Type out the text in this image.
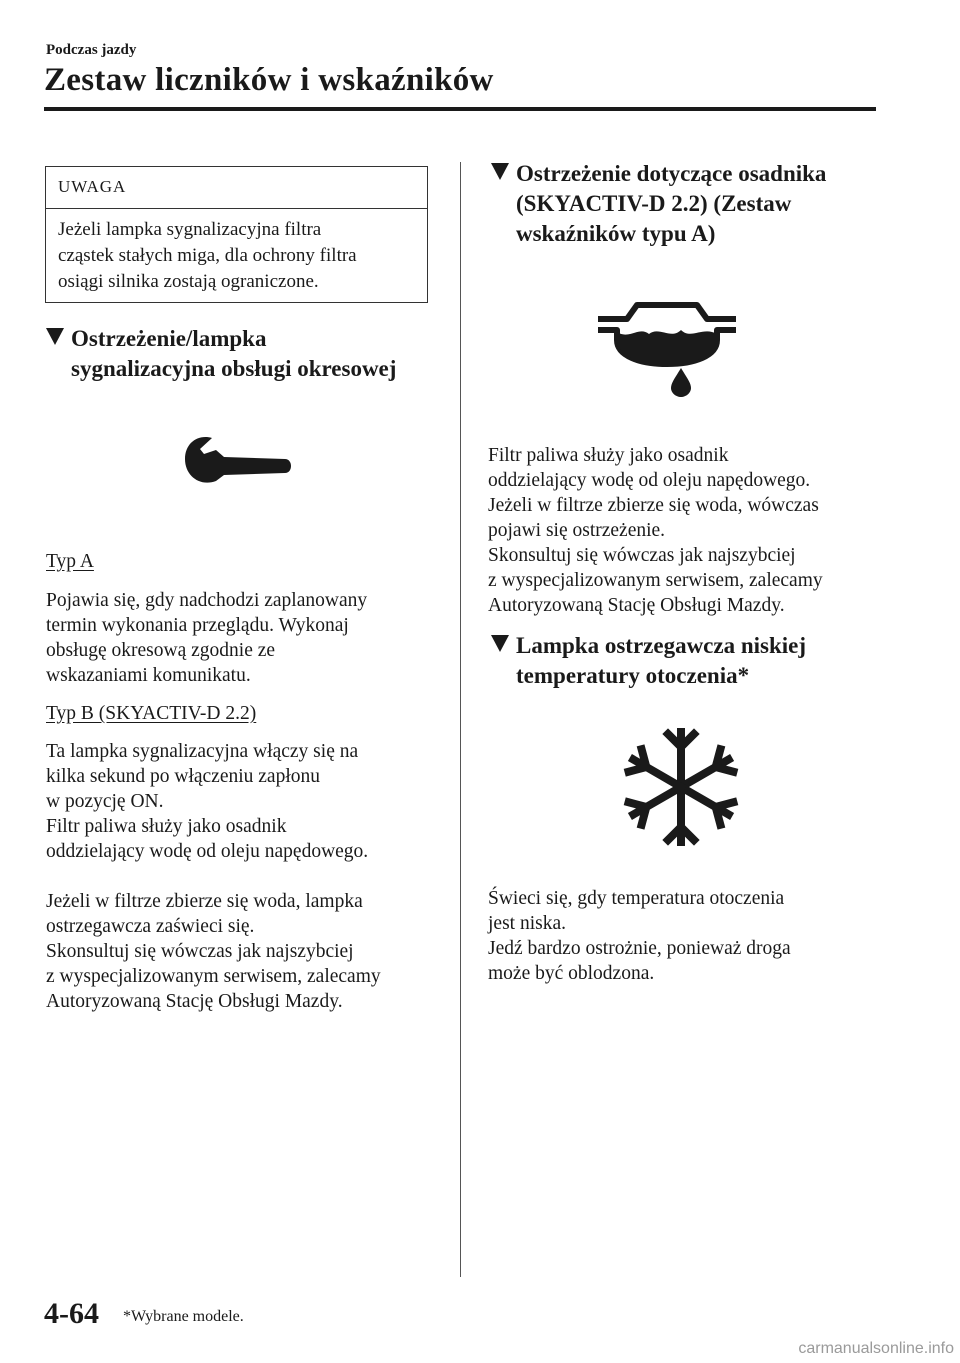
Podczas jazdy
Zestaw liczników i wskaźników
UWAGA
Jeżeli lampka sygnalizacyjna filtra
cząstek stałych miga, dla ochrony filtra
osiągi silnika zostają ograniczone.
Ostrzeżenie/lampka
sygnalizacyjna obsługi okresowej
Typ A
Pojawia się, gdy nadchodzi zaplanowany
termin wykonania przeglądu. Wykonaj
obsługę okresową zgodnie ze
wskazaniami komunikatu.
Typ B (SKYACTIV-D 2.2)
Ta lampka sygnalizacyjna włączy się na
kilka sekund po włączeniu zapłonu
w pozycję ON.
Filtr paliwa służy jako osadnik
oddzielający wodę od oleju napędowego.
Jeżeli w filtrze zbierze się woda, lampka
ostrzegawcza zaświeci się.
Skonsultuj się wówczas jak najszybciej
z wyspecjalizowanym serwisem, zalecamy
Autoryzowaną Stację Obsługi Mazdy.
Ostrzeżenie dotyczące osadnika
(SKYACTIV-D 2.2) (Zestaw
wskaźników typu A)
Filtr paliwa służy jako osadnik
oddzielający wodę od oleju napędowego.
Jeżeli w filtrze zbierze się woda, wówczas
pojawi się ostrzeżenie.
Skonsultuj się wówczas jak najszybciej
z wyspecjalizowanym serwisem, zalecamy
Autoryzowaną Stację Obsługi Mazdy.
Lampka ostrzegawcza niskiej
temperatury otoczenia*
Świeci się, gdy temperatura otoczenia
jest niska.
Jedź bardzo ostrożnie, ponieważ droga
może być oblodzona.
4-64 *Wybrane modele.
carmanualsonline.info
